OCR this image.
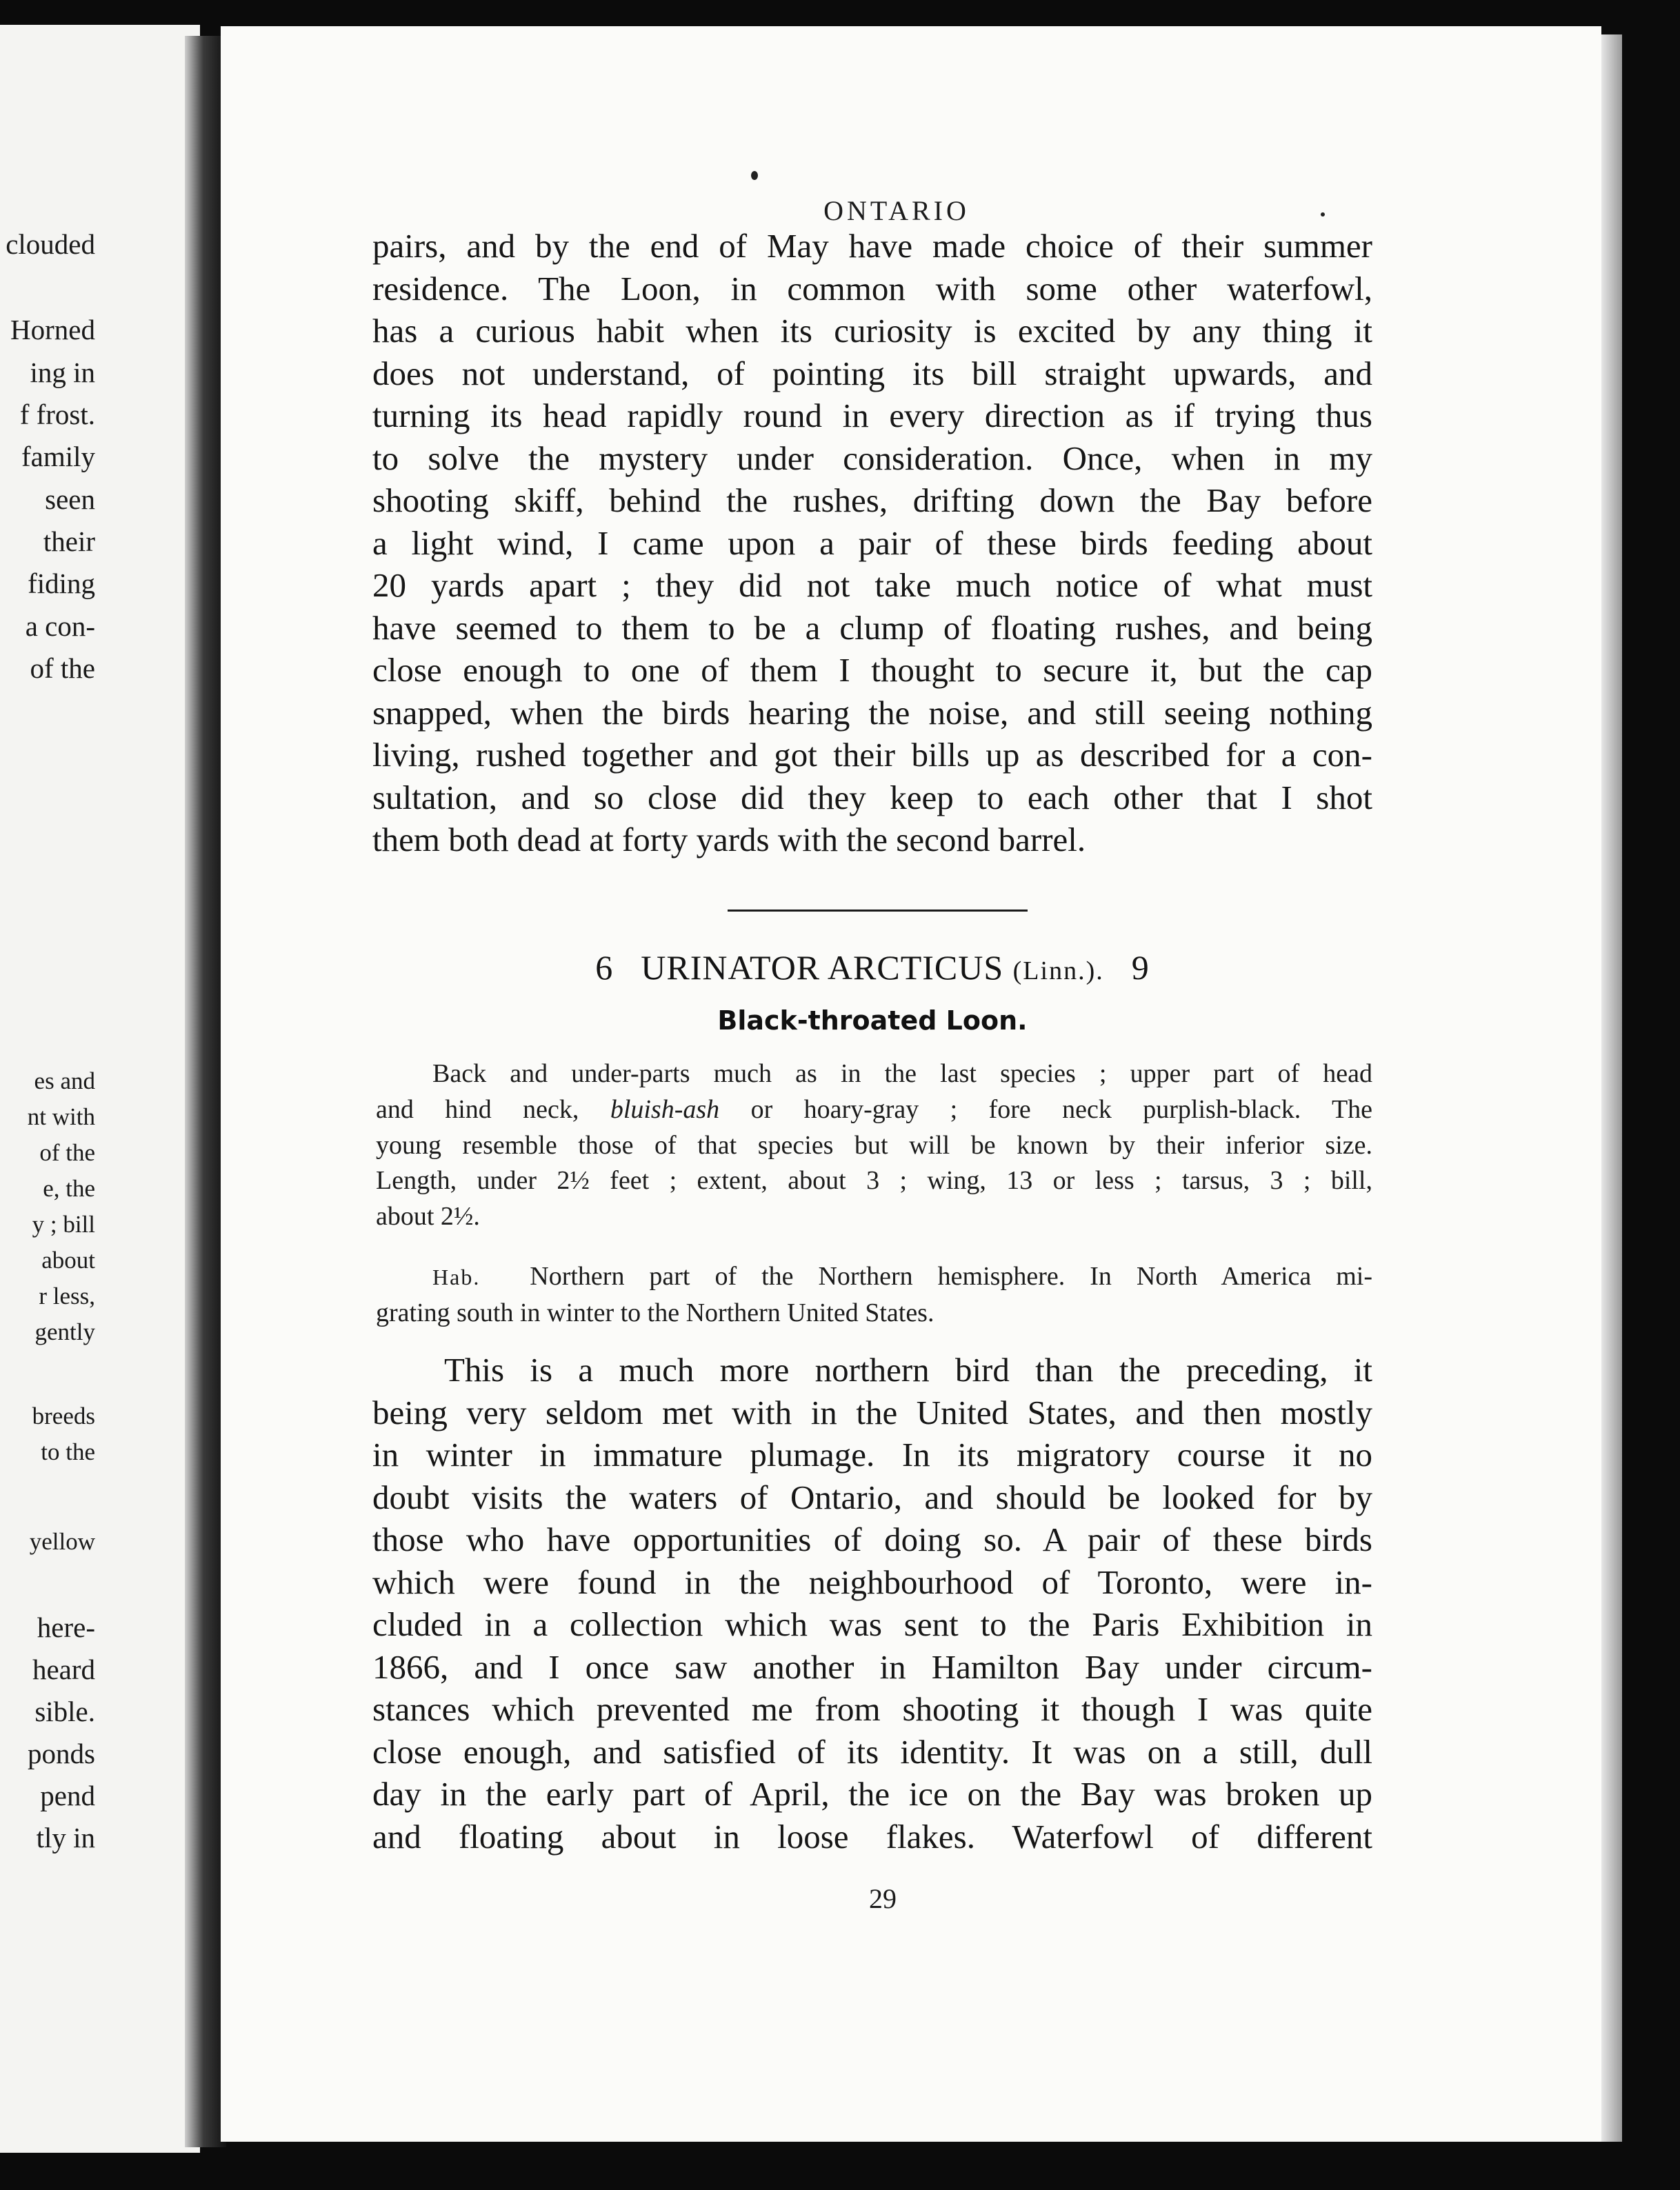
clouded

Horned

ing in

f frost.

family

seen

their

fiding

a con-

of the

es and

nt with

of the

e, the

y ; bill

about

r less,

gently

breeds

to the

yellow

here-

heard

sible.

ponds

pend

tly in

ONTARIO

pairs, and by the end of May have made choice of their summer
residence. The Loon, in common with some other waterfowl,
has a curious habit when its curiosity is excited by any thing it
does not understand, of pointing its bill straight upwards, and
turning its head rapidly round in every direction as if trying thus
to solve the mystery under consideration. Once, when in my
shooting skiff, behind the rushes, drifting down the Bay before
a light wind, I came upon a pair of these birds feeding about
20 yards apart ; they did not take much notice of what must
have seemed to them to be a clump of floating rushes, and being
close enough to one of them I thought to secure it, but the cap
snapped, when the birds hearing the noise, and still seeing nothing
living, rushed together and got their bills up as described for a con-
sultation, and so close did they keep to each other that I shot
them both dead at forty yards with the second barrel.

6 URINATOR ARCTICUS (Linn.). 9

Black-throated Loon.

Back and under-parts much as in the last species ; upper part of head
and hind neck, bluish-ash or hoary-gray ; fore neck purplish-black. The
young resemble those of that species but will be known by their inferior size.
Length, under 2½ feet ; extent, about 3 ; wing, 13 or less ; tarsus, 3 ; bill,
about 2½.

Hab. Northern part of the Northern hemisphere. In North America mi-
grating south in winter to the Northern United States.

This is a much more northern bird than the preceding, it
being very seldom met with in the United States, and then mostly
in winter in immature plumage. In its migratory course it no
doubt visits the waters of Ontario, and should be looked for by
those who have opportunities of doing so. A pair of these birds
which were found in the neighbourhood of Toronto, were in-
cluded in a collection which was sent to the Paris Exhibition in
1866, and I once saw another in Hamilton Bay under circum-
stances which prevented me from shooting it though I was quite
close enough, and satisfied of its identity. It was on a still, dull
day in the early part of April, the ice on the Bay was broken up
and floating about in loose flakes. Waterfowl of different

29
